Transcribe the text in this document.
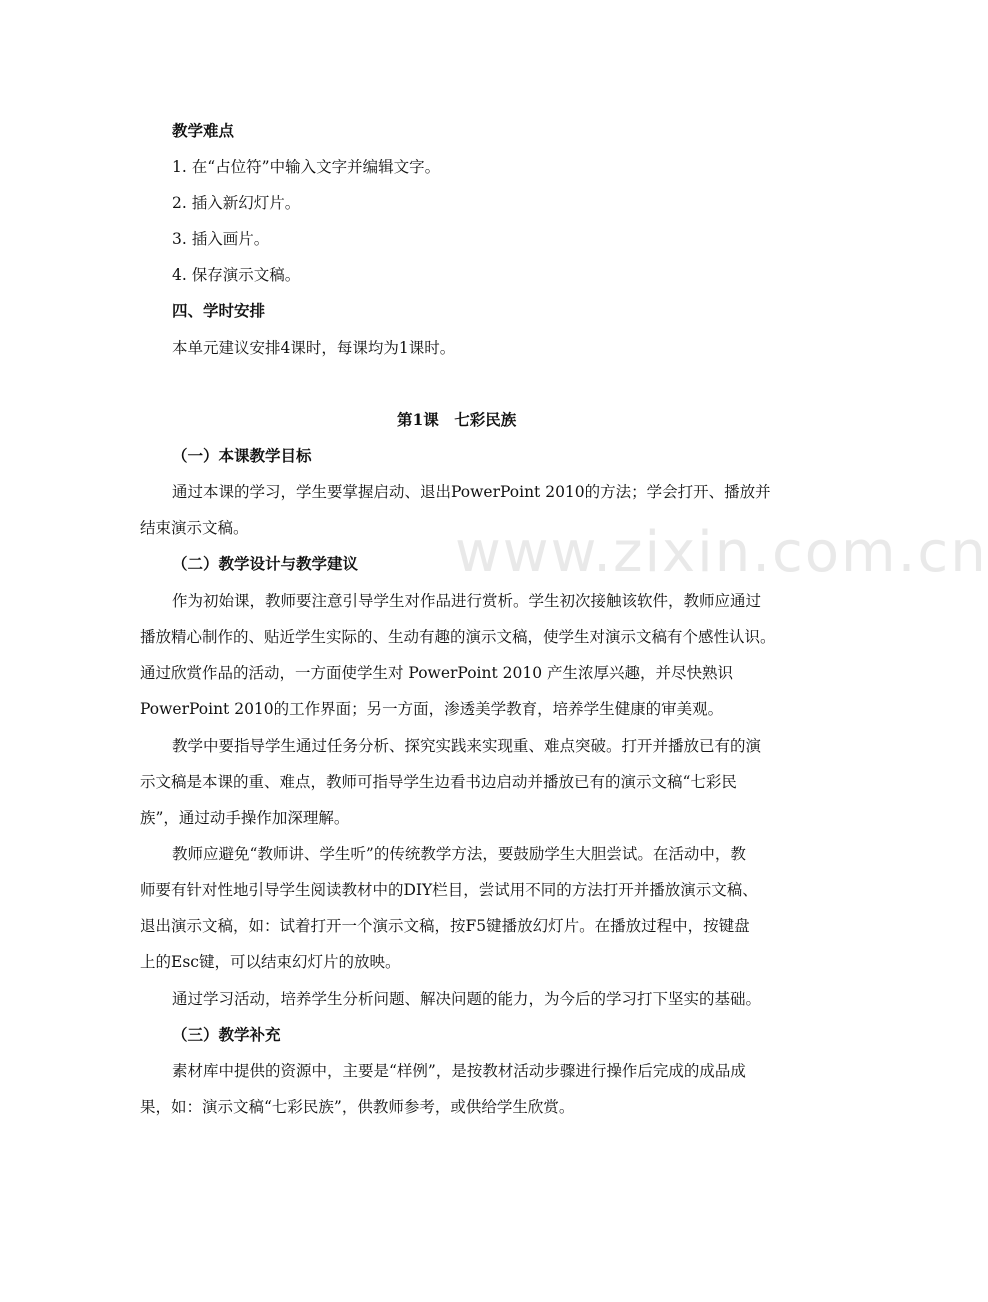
www.zixin.com.cn
教学难点
1. 在“占位符”中输入文字并编辑文字。
2. 插入新幻灯片。
3. 插入画片。
4. 保存演示文稿。
四、学时安排
本单元建议安排4课时，每课均为1课时。
第1课　七彩民族
（一）本课教学目标
通过本课的学习，学生要掌握启动、退出PowerPoint 2010的方法；学会打开、播放并
结束演示文稿。
（二）教学设计与教学建议
作为初始课，教师要注意引导学生对作品进行赏析。学生初次接触该软件，教师应通过
播放精心制作的、贴近学生实际的、生动有趣的演示文稿，使学生对演示文稿有个感性认识。
通过欣赏作品的活动，一方面使学生对 PowerPoint 2010 产生浓厚兴趣，并尽快熟识
PowerPoint 2010的工作界面；另一方面，渗透美学教育，培养学生健康的审美观。
教学中要指导学生通过任务分析、探究实践来实现重、难点突破。打开并播放已有的演
示文稿是本课的重、难点，教师可指导学生边看书边启动并播放已有的演示文稿“七彩民
族”，通过动手操作加深理解。
教师应避免“教师讲、学生听”的传统教学方法，要鼓励学生大胆尝试。在活动中，教
师要有针对性地引导学生阅读教材中的DIY栏目，尝试用不同的方法打开并播放演示文稿、
退出演示文稿，如：试着打开一个演示文稿，按F5键播放幻灯片。在播放过程中，按键盘
上的Esc键，可以结束幻灯片的放映。
通过学习活动，培养学生分析问题、解决问题的能力，为今后的学习打下坚实的基础。
（三）教学补充
素材库中提供的资源中，主要是“样例”，是按教材活动步骤进行操作后完成的成品成
果，如：演示文稿“七彩民族”，供教师参考，或供给学生欣赏。
